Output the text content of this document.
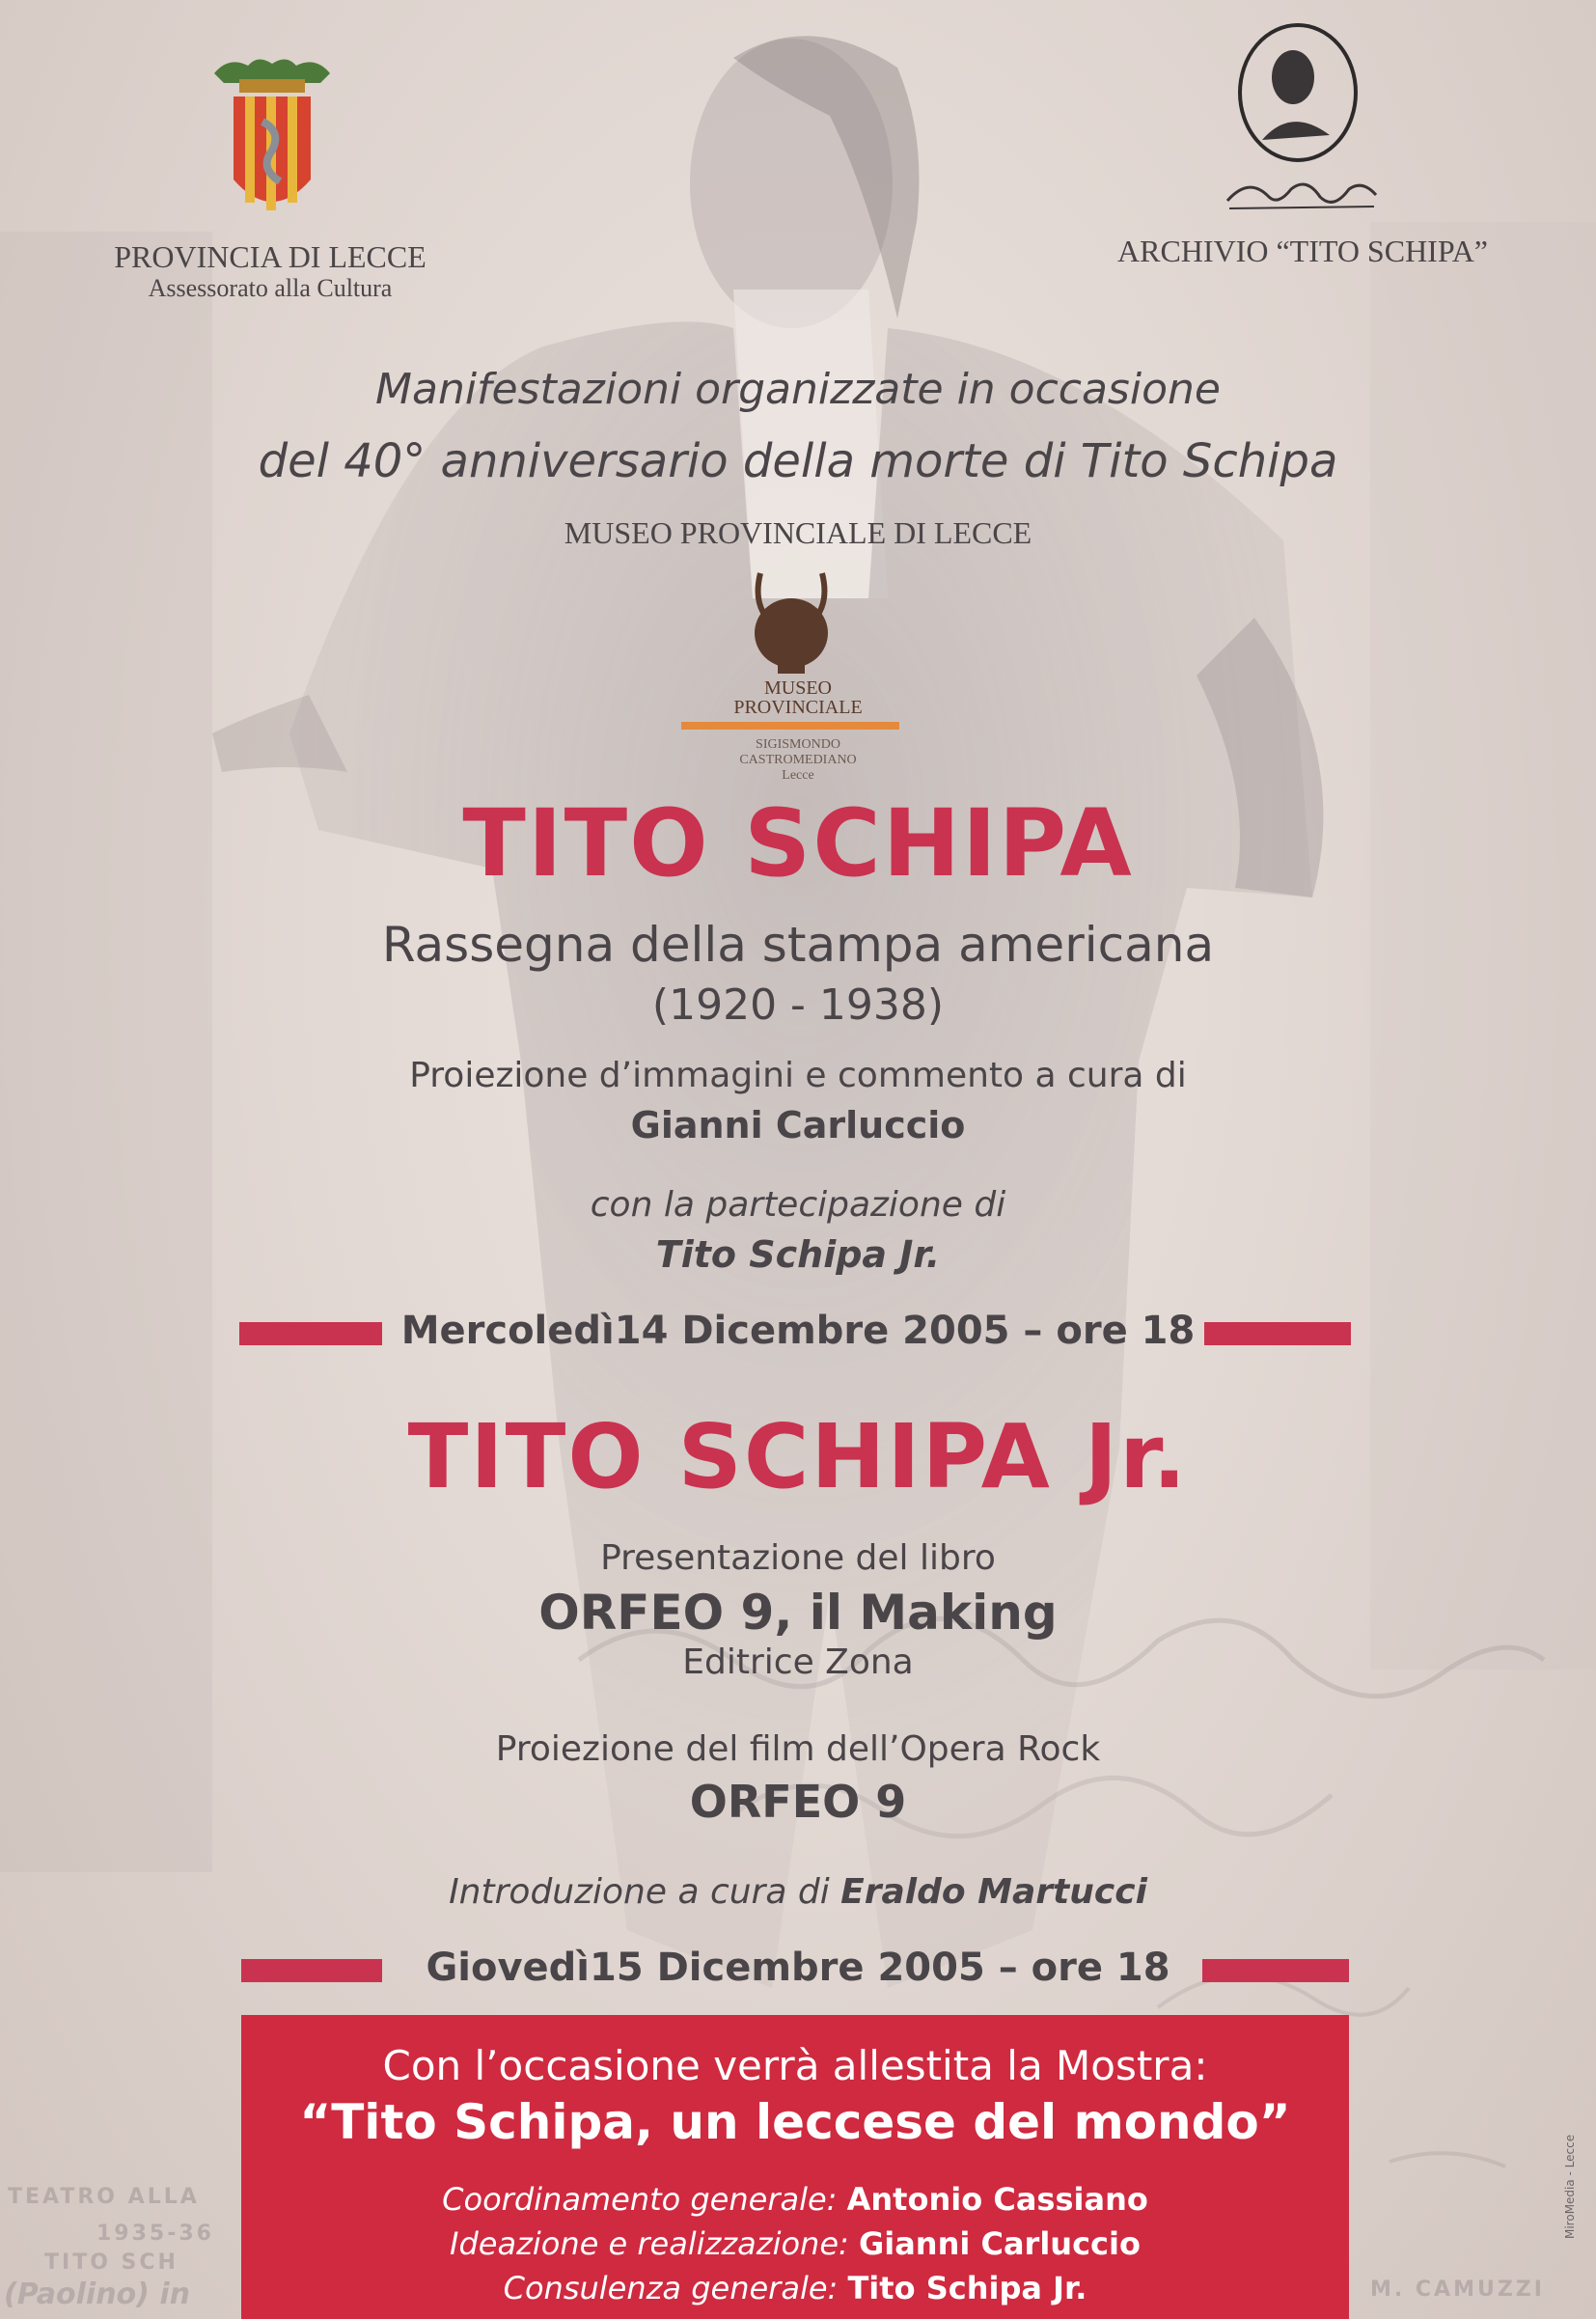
PROVINCIA DI LECCE
Assessorato alla Cultura
ARCHIVIO “TITO SCHIPA”
Manifestazioni organizzate in occasione
del 40° anniversario della morte di Tito Schipa
MUSEO PROVINCIALE DI LECCE
MUSEO
PROVINCIALE
SIGISMONDO
CASTROMEDIANO
Lecce
TITO SCHIPA
Rassegna della stampa americana
(1920 - 1938)
Proiezione d’immagini e commento a cura di
Gianni Carluccio
con la partecipazione di
Tito Schipa Jr.
Mercoledì14 Dicembre 2005 – ore 18
TITO SCHIPA Jr.
Presentazione del libro
ORFEO 9, il Making
Editrice Zona
Proiezione del film dell’Opera Rock
ORFEO 9
Introduzione a cura di Eraldo Martucci
Giovedì15 Dicembre 2005 – ore 18
TEATRO ALLA
1935-36
TITO SCH
(Paolino) in	M. CAMUZZI
Con l’occasione verrà allestita la Mostra:
“Tito Schipa, un leccese del mondo”
Coordinamento generale: Antonio Cassiano
Ideazione e realizzazione: Gianni Carluccio
Consulenza generale: Tito Schipa Jr.
MiroMedia - Lecce
